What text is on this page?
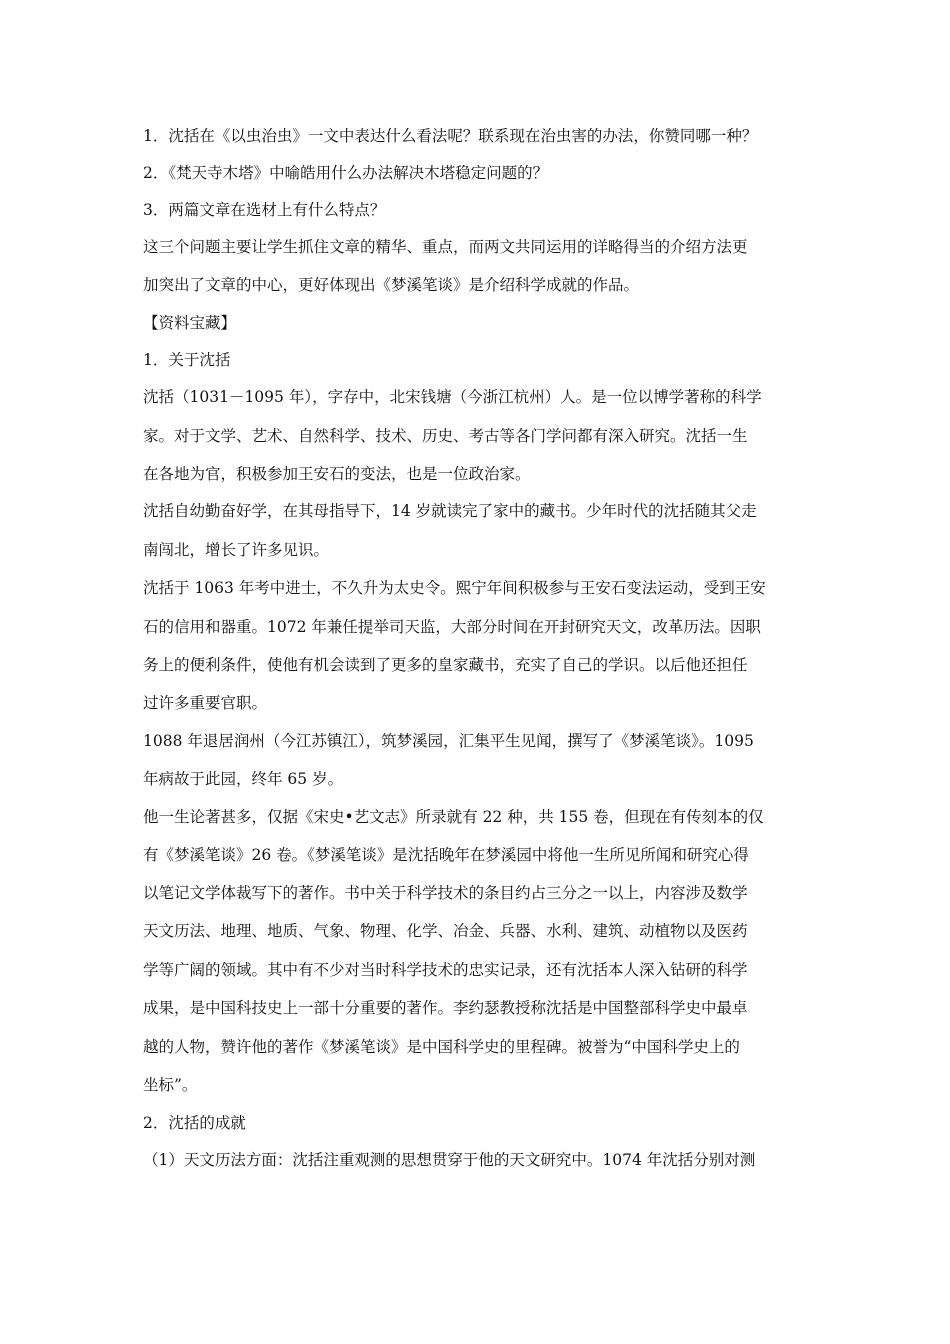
1．沈括在《以虫治虫》一文中表达什么看法呢？联系现在治虫害的办法，你赞同哪一种？
2．《梵天寺木塔》中喻皓用什么办法解决木塔稳定问题的？
3．两篇文章在选材上有什么特点？
这三个问题主要让学生抓住文章的精华、重点，而两文共同运用的详略得当的介绍方法更
加突出了文章的中心，更好体现出《梦溪笔谈》是介绍科学成就的作品。
【资料宝藏】
1．关于沈括
沈括（1031－1095 年），字存中，北宋钱塘（今浙江杭州）人。是一位以博学著称的科学
家。对于文学、艺术、自然科学、技术、历史、考古等各门学问都有深入研究。沈括一生
在各地为官，积极参加王安石的变法，也是一位政治家。
沈括自幼勤奋好学，在其母指导下，14 岁就读完了家中的藏书。少年时代的沈括随其父走
南闯北，增长了许多见识。
沈括于 1063 年考中进士，不久升为太史令。熙宁年间积极参与王安石变法运动，受到王安
石的信用和器重。1072 年兼任提举司天监，大部分时间在开封研究天文，改革历法。因职
务上的便利条件，使他有机会读到了更多的皇家藏书，充实了自己的学识。以后他还担任
过许多重要官职。
1088 年退居润州（今江苏镇江），筑梦溪园，汇集平生见闻，撰写了《梦溪笔谈》。1095
年病故于此园，终年 65 岁。
他一生论著甚多，仅据《宋史•艺文志》所录就有 22 种，共 155 卷，但现在有传刻本的仅
有《梦溪笔谈》26 卷。《梦溪笔谈》是沈括晚年在梦溪园中将他一生所见所闻和研究心得
以笔记文学体裁写下的著作。书中关于科学技术的条目约占三分之一以上，内容涉及数学
天文历法、地理、地质、气象、物理、化学、冶金、兵器、水利、建筑、动植物以及医药
学等广阔的领域。其中有不少对当时科学技术的忠实记录，还有沈括本人深入钻研的科学
成果，是中国科技史上一部十分重要的著作。李约瑟教授称沈括是中国整部科学史中最卓
越的人物，赞许他的著作《梦溪笔谈》是中国科学史的里程碑。被誉为“中国科学史上的
坐标”。
2．沈括的成就
（1）天文历法方面：沈括注重观测的思想贯穿于他的天文研究中。1074 年沈括分别对测
